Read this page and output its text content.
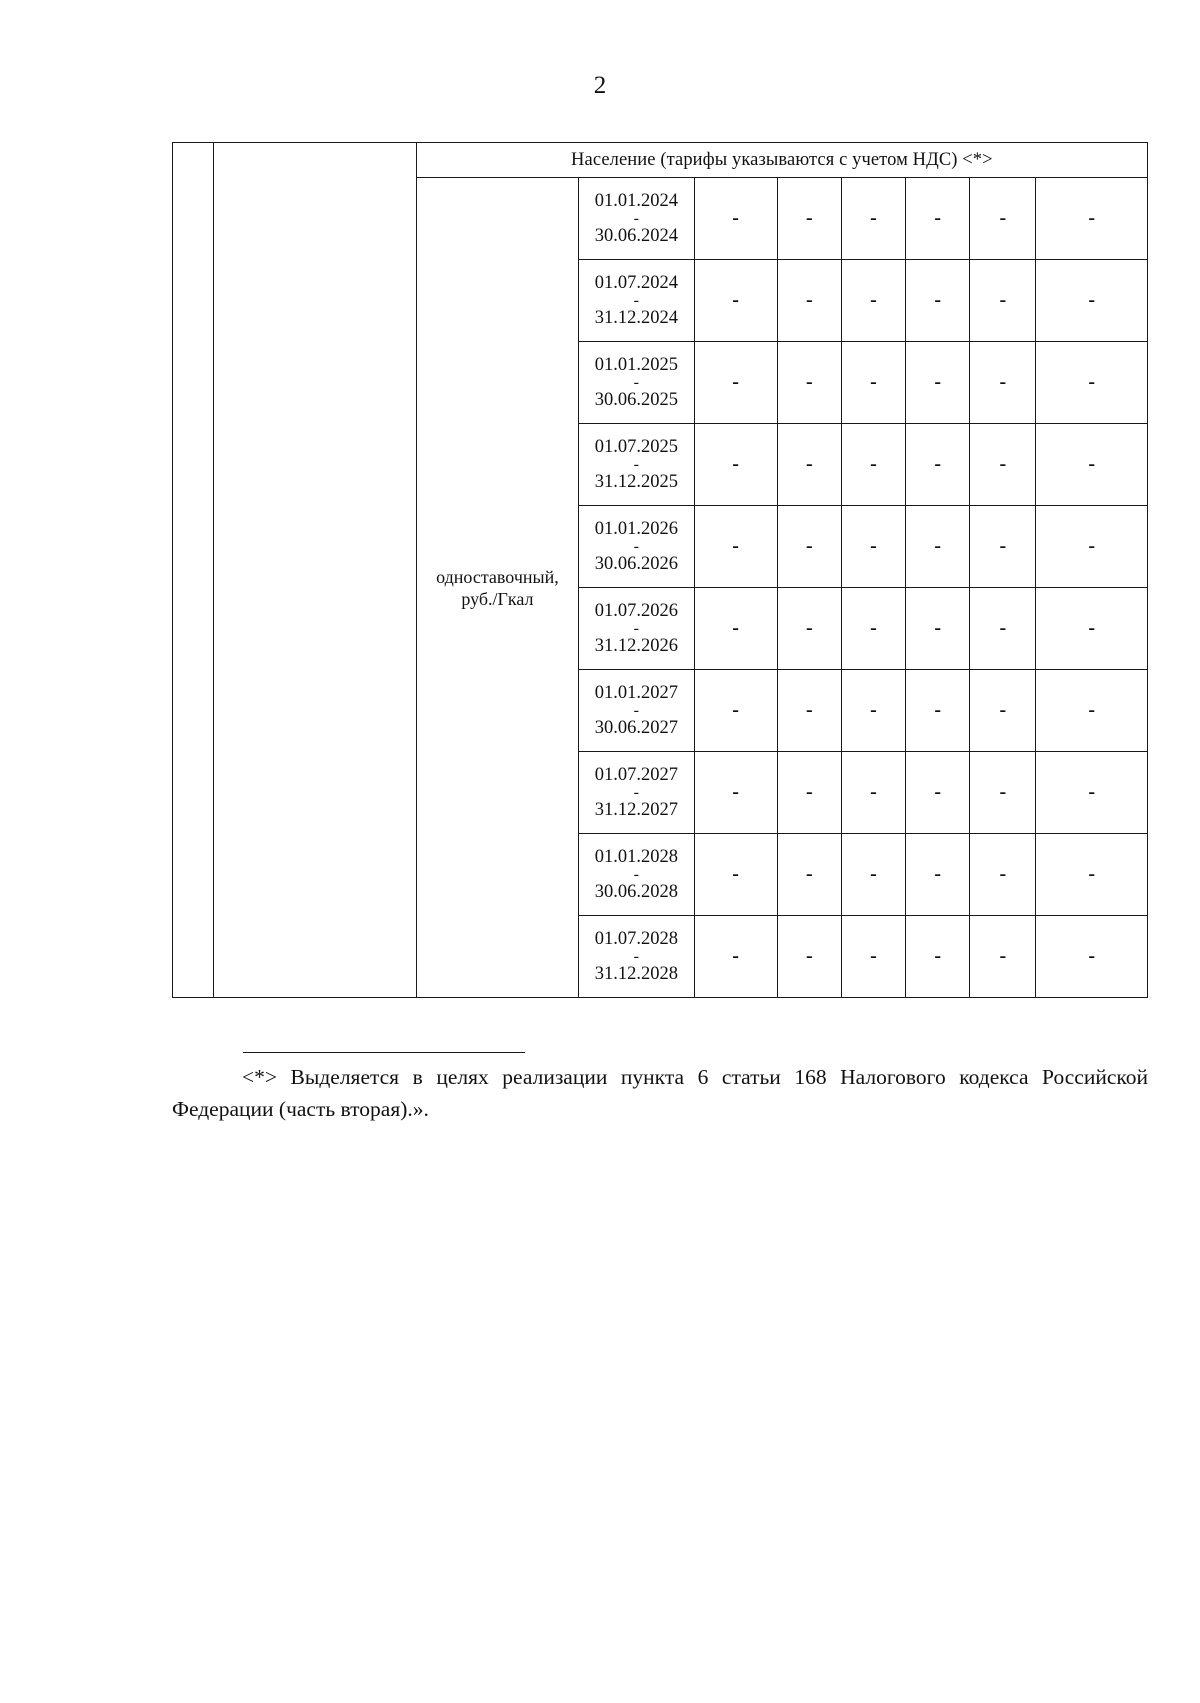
2
		Население (тарифы указываются с учетом НДС) <*>							

		одноставочный,
руб./Гкал	01.01.2024
-
30.06.2024	-	-	-	-	-	-

			01.07.2024
-
31.12.2024	-	-	-	-	-	-

			01.01.2025
-
30.06.2025	-	-	-	-	-	-

			01.07.2025
-
31.12.2025	-	-	-	-	-	-

			01.01.2026
-
30.06.2026	-	-	-	-	-	-

			01.07.2026
-
31.12.2026	-	-	-	-	-	-

			01.01.2027
-
30.06.2027	-	-	-	-	-	-

			01.07.2027
-
31.12.2027	-	-	-	-	-	-

			01.01.2028
-
30.06.2028	-	-	-	-	-	-

			01.07.2028
-
31.12.2028	-	-	-	-	-	-
<*> Выделяется в целях реализации пункта 6 статьи 168 Налогового кодекса Российской Федерации (часть вторая).».
